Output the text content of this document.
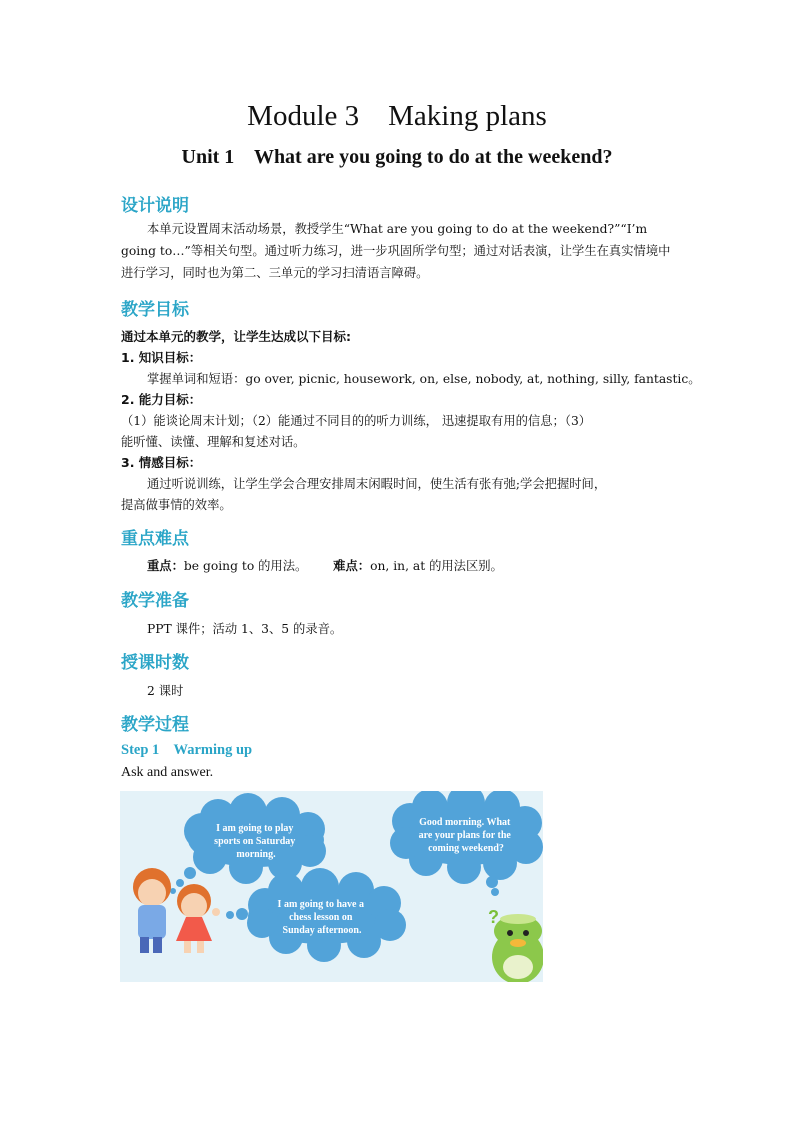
Module 3    Making plans
Unit 1    What are you going to do at the weekend?
设计说明
本单元设置周末活动场景，教授学生“What are you going to do at the weekend?”“I’m going to…”等相关句型。通过听力练习，进一步巩固所学句型；通过对话表演，让学生在真实情境中进行学习，同时也为第二、三单元的学习扫清语言障碍。
教学目标
通过本单元的教学，让学生达成以下目标:
1. 知识目标：
掌握单词和短语：go over, picnic, housework, on, else, nobody, at, nothing, silly, fantastic。
2. 能力目标：
（1）能谈论周末计划；（2）能通过不同目的的听力训练， 迅速提取有用的信息；（3）
能听懂、读懂、理解和复述对话。
3. 情感目标：
通过听说训练，让学生学会合理安排周末闲暇时间，使生活有张有弛;学会把握时间，
提高做事情的效率。
重点难点
重点：be going to 的用法。 难点：on, in, at 的用法区别。
教学准备
PPT 课件；活动 1、3、5 的录音。
授课时数
2 课时
教学过程
Step 1    Warming up
Ask and answer.
I am going to play sports on Saturday morning.
Good morning. What are your plans for the coming weekend?
I am going to have a chess lesson on Sunday afternoon.
?
